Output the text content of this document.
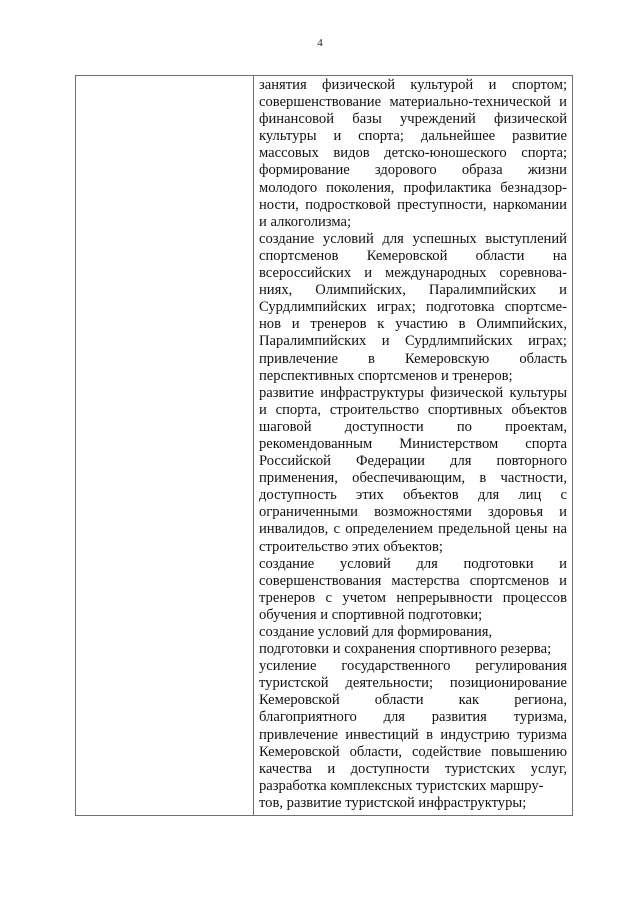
4

занятия физической культурой и спортом;
совершенствование материально-технической и
финансовой базы учреждений физической
культуры и спорта; дальнейшее развитие
массовых видов детско-юношеского спорта;
формирование здорового образа жизни
молодого поколения, профилактика безнадзор-
ности, подростковой преступности, наркомании
и алкоголизма;
создание условий для успешных выступлений
спортсменов Кемеровской области на
всероссийских и международных соревнова-
ниях, Олимпийских, Паралимпийских и
Сурдлимпийских играх; подготовка спортсме-
нов и тренеров к участию в Олимпийских,
Паралимпийских и Сурдлимпийских играх;
привлечение в Кемеровскую область
перспективных спортсменов и тренеров;
развитие инфраструктуры физической культуры
и спорта, строительство спортивных объектов
шаговой доступности по проектам,
рекомендованным Министерством спорта
Российской Федерации для повторного
применения, обеспечивающим, в частности,
доступность этих объектов для лиц с
ограниченными возможностями здоровья и
инвалидов, с определением предельной цены на
строительство этих объектов;
создание условий для подготовки и
совершенствования мастерства спортсменов и
тренеров с учетом непрерывности процессов
обучения и спортивной подготовки;
создание условий для формирования,
подготовки и сохранения спортивного резерва;
усиление государственного регулирования
туристской деятельности; позиционирование
Кемеровской области как региона,
благоприятного для развития туризма,
привлечение инвестиций в индустрию туризма
Кемеровской области, содействие повышению
качества и доступности туристских услуг,
разработка комплексных туристских маршру-
тов, развитие туристской инфраструктуры;
